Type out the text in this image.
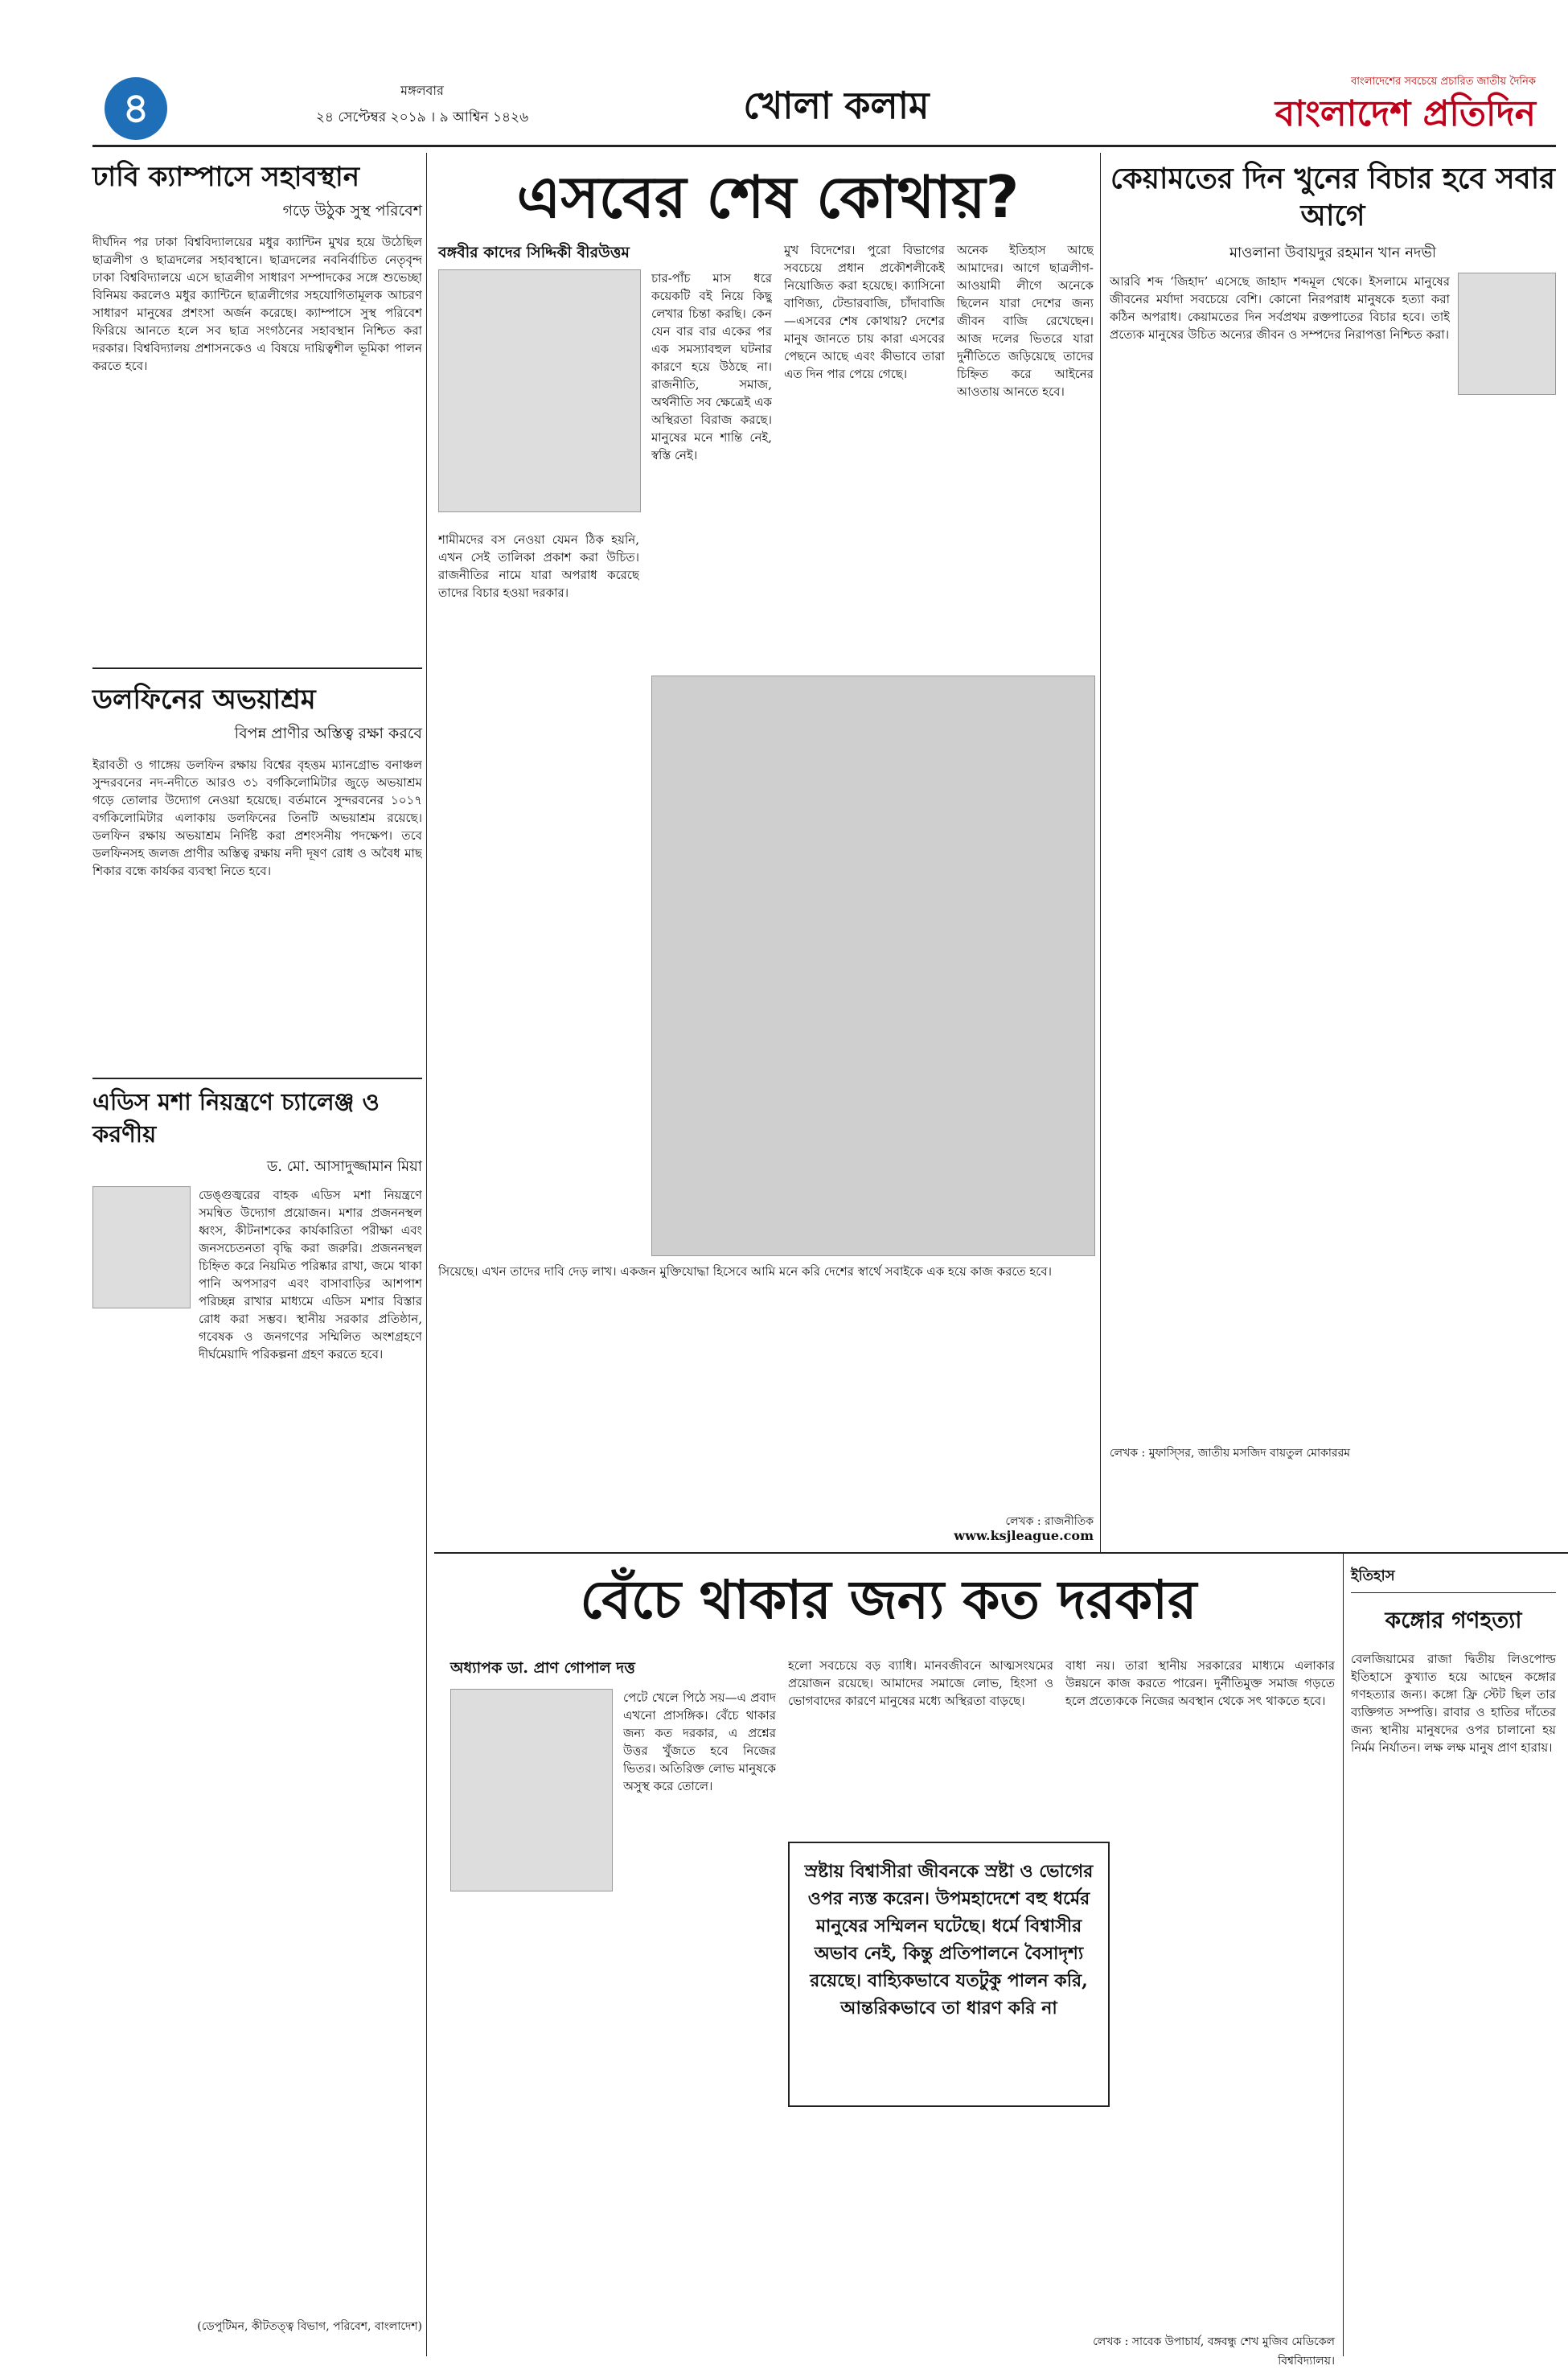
৪	মঙ্গলবার
২৪ সেপ্টেম্বর ২০১৯ । ৯ আশ্বিন ১৪২৬	খোলা কলাম
বাংলাদেশের সবচেয়ে প্রচারিত জাতীয় দৈনিক
বাংলাদেশ প্রতিদিন
ঢাবি ক্যাম্পাসে সহাবস্থান
গড়ে উঠুক সুস্থ পরিবেশ
দীর্ঘদিন পর ঢাকা বিশ্ববিদ্যালয়ের মধুর ক্যান্টিন মুখর হয়ে উঠেছিল ছাত্রলীগ ও ছাত্রদলের সহাবস্থানে। ছাত্রদলের নবনির্বাচিত নেতৃবৃন্দ ঢাকা বিশ্ববিদ্যালয়ে এসে ছাত্রলীগ সাধারণ সম্পাদকের সঙ্গে শুভেচ্ছা বিনিময় করলেও মধুর ক্যান্টিনে ছাত্রলীগের সহযোগিতামূলক আচরণ সাধারণ মানুষের প্রশংসা অর্জন করেছে। ক্যাম্পাসে সুস্থ পরিবেশ ফিরিয়ে আনতে হলে সব ছাত্র সংগঠনের সহাবস্থান নিশ্চিত করা দরকার। বিশ্ববিদ্যালয় প্রশাসনকেও এ বিষয়ে দায়িত্বশীল ভূমিকা পালন করতে হবে।
ডলফিনের অভয়াশ্রম
বিপন্ন প্রাণীর অস্তিত্ব রক্ষা করবে
ইরাবতী ও গাঙ্গেয় ডলফিন রক্ষায় বিশ্বের বৃহত্তম ম্যানগ্রোভ বনাঞ্চল সুন্দরবনের নদ-নদীতে আরও ৩১ বর্গকিলোমিটার জুড়ে অভয়াশ্রম গড়ে তোলার উদ্যোগ নেওয়া হয়েছে। বর্তমানে সুন্দরবনের ১০১৭ বর্গকিলোমিটার এলাকায় ডলফিনের তিনটি অভয়াশ্রম রয়েছে। ডলফিন রক্ষায় অভয়াশ্রম নির্দিষ্ট করা প্রশংসনীয় পদক্ষেপ। তবে ডলফিনসহ জলজ প্রাণীর অস্তিত্ব রক্ষায় নদী দূষণ রোধ ও অবৈধ মাছ শিকার বন্ধে কার্যকর ব্যবস্থা নিতে হবে।
এডিস মশা নিয়ন্ত্রণে চ্যালেঞ্জ ও করণীয়
ড. মো. আসাদুজ্জামান মিয়া
ডেঙ্গুজ্বরের বাহক এডিস মশা নিয়ন্ত্রণে সমন্বিত উদ্যোগ প্রয়োজন। মশার প্রজননস্থল ধ্বংস, কীটনাশকের কার্যকারিতা পরীক্ষা এবং জনসচেতনতা বৃদ্ধি করা জরুরি। প্রজননস্থল চিহ্নিত করে নিয়মিত পরিষ্কার রাখা, জমে থাকা পানি অপসারণ এবং বাসাবাড়ির আশপাশ পরিচ্ছন্ন রাখার মাধ্যমে এডিস মশার বিস্তার রোধ করা সম্ভব। স্থানীয় সরকার প্রতিষ্ঠান, গবেষক ও জনগণের সম্মিলিত অংশগ্রহণে দীর্ঘমেয়াদি পরিকল্পনা গ্রহণ করতে হবে।
(ডেপুটিমন, কীটতত্ত্ব বিভাগ, পরিবেশ, বাংলাদেশ)
এসবের শেষ কোথায়?
বঙ্গবীর কাদের সিদ্দিকী বীরউত্তম
চার-পাঁচ মাস ধরে কয়েকটি বই নিয়ে কিছু লেখার চিন্তা করছি। কেন যেন বার বার একের পর এক সমস্যাবহুল ঘটনার কারণে হয়ে উঠছে না। রাজনীতি, সমাজ, অর্থনীতি সব ক্ষেত্রেই এক অস্থিরতা বিরাজ করছে। মানুষের মনে শান্তি নেই, স্বস্তি নেই।
মুখ বিদেশের। পুরো বিভাগের সবচেয়ে প্রধান প্রকৌশলীকেই নিয়োজিত করা হয়েছে। ক্যাসিনো বাণিজ্য, টেন্ডারবাজি, চাঁদাবাজি—এসবের শেষ কোথায়? দেশের মানুষ জানতে চায় কারা এসবের পেছনে আছে এবং কীভাবে তারা এত দিন পার পেয়ে গেছে।
অনেক ইতিহাস আছে আমাদের। আগে ছাত্রলীগ-আওয়ামী লীগে অনেকে ছিলেন যারা দেশের জন্য জীবন বাজি রেখেছেন। আজ দলের ভিতরে যারা দুর্নীতিতে জড়িয়েছে তাদের চিহ্নিত করে আইনের আওতায় আনতে হবে।
শামীমদের বস নেওয়া যেমন ঠিক হয়নি, এখন সেই তালিকা প্রকাশ করা উচিত। রাজনীতির নামে যারা অপরাধ করেছে তাদের বিচার হওয়া দরকার।
সিয়েছে। এখন তাদের দাবি দেড় লাখ। একজন মুক্তিযোদ্ধা হিসেবে আমি মনে করি দেশের স্বার্থে সবাইকে এক হয়ে কাজ করতে হবে।
www.ksjleague.com
লেখক : রাজনীতিক
বেঁচে থাকার জন্য কত দরকার
অধ্যাপক ডা. প্রাণ গোপাল দত্ত
পেটে খেলে পিঠে সয়—এ প্রবাদ এখনো প্রাসঙ্গিক। বেঁচে থাকার জন্য কত দরকার, এ প্রশ্নের উত্তর খুঁজতে হবে নিজের ভিতর। অতিরিক্ত লোভ মানুষকে অসুস্থ করে তোলে।
হলো সবচেয়ে বড় ব্যাধি। মানবজীবনে আত্মসংযমের প্রয়োজন রয়েছে। আমাদের সমাজে লোভ, হিংসা ও ভোগবাদের কারণে মানুষের মধ্যে অস্থিরতা বাড়ছে।
বাধা নয়। তারা স্থানীয় সরকারের মাধ্যমে এলাকার উন্নয়নে কাজ করতে পারেন। দুর্নীতিমুক্ত সমাজ গড়তে হলে প্রত্যেককে নিজের অবস্থান থেকে সৎ থাকতে হবে।
স্রষ্টায় বিশ্বাসীরা জীবনকে স্রষ্টা ও ভোগের ওপর ন্যস্ত করেন। উপমহাদেশে বহু ধর্মের মানুষের সম্মিলন ঘটেছে। ধর্মে বিশ্বাসীর অভাব নেই, কিন্তু প্রতিপালনে বৈসাদৃশ্য রয়েছে। বাহ্যিকভাবে যতটুকু পালন করি, আন্তরিকভাবে তা ধারণ করি না
লেখক : সাবেক উপাচার্য, বঙ্গবন্ধু শেখ মুজিব মেডিকেল বিশ্ববিদ্যালয়।
কেয়ামতের দিন খুনের বিচার হবে সবার আগে
মাওলানা উবায়দুর রহমান খান নদভী
আরবি শব্দ ‘জিহাদ’ এসেছে জাহাদ শব্দমূল থেকে। ইসলামে মানুষের জীবনের মর্যাদা সবচেয়ে বেশি। কোনো নিরপরাধ মানুষকে হত্যা করা কঠিন অপরাধ। কেয়ামতের দিন সর্বপ্রথম রক্তপাতের বিচার হবে। তাই প্রত্যেক মানুষের উচিত অন্যের জীবন ও সম্পদের নিরাপত্তা নিশ্চিত করা।
লেখক : মুফাস্সির, জাতীয় মসজিদ বায়তুল মোকাররম
ইতিহাস
কঙ্গোর গণহত্যা
বেলজিয়ামের রাজা দ্বিতীয় লিওপোল্ড ইতিহাসে কুখ্যাত হয়ে আছেন কঙ্গোর গণহত্যার জন্য। কঙ্গো ফ্রি স্টেট ছিল তার ব্যক্তিগত সম্পত্তি। রাবার ও হাতির দাঁতের জন্য স্থানীয় মানুষদের ওপর চালানো হয় নির্মম নির্যাতন। লক্ষ লক্ষ মানুষ প্রাণ হারায়।
